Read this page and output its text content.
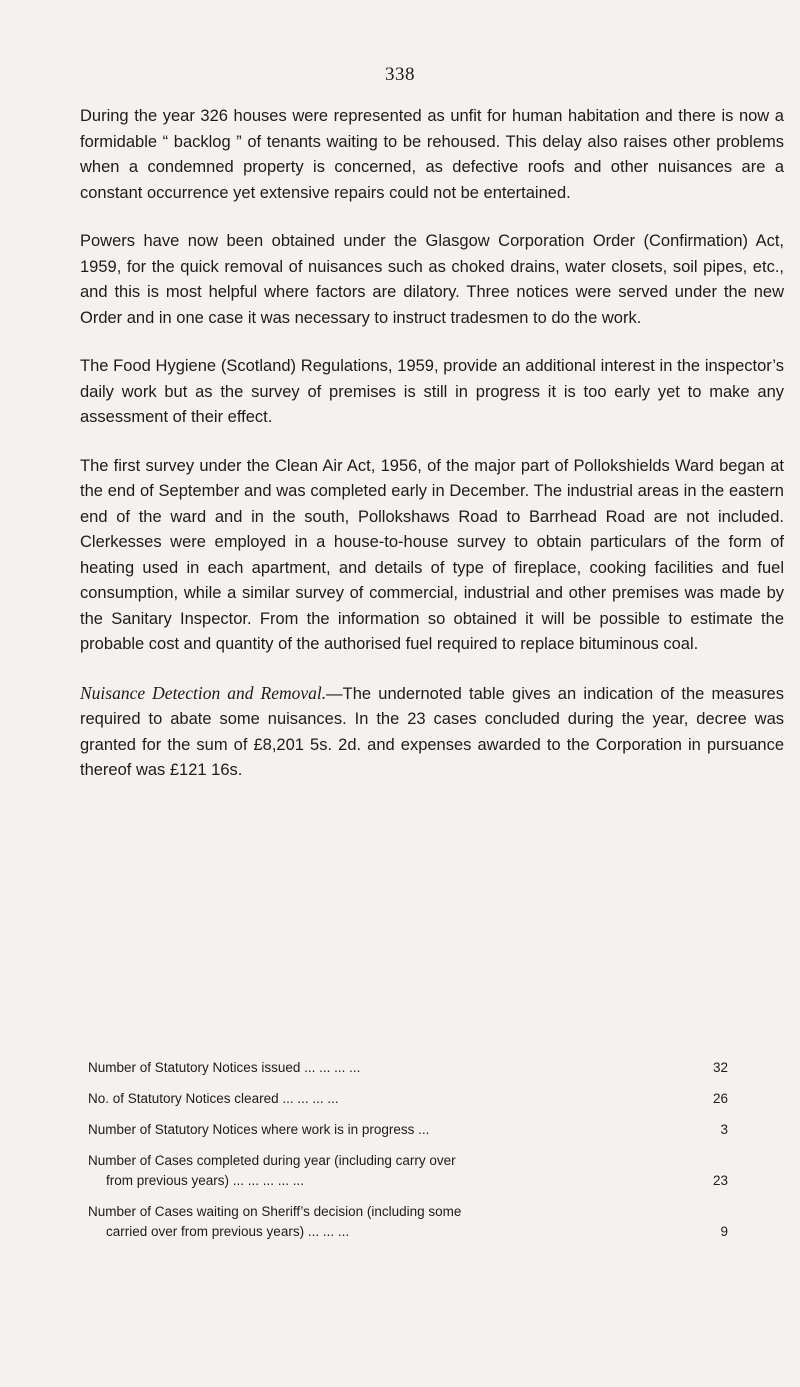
338

During the year 326 houses were represented as unfit for human habitation and there is now a formidable “ backlog ” of tenants waiting to be rehoused. This delay also raises other problems when a condemned property is concerned, as defective roofs and other nuisances are a constant occurrence yet extensive repairs could not be entertained.

Powers have now been obtained under the Glasgow Corporation Order (Confirmation) Act, 1959, for the quick removal of nuisances such as choked drains, water closets, soil pipes, etc., and this is most helpful where factors are dilatory. Three notices were served under the new Order and in one case it was necessary to instruct tradesmen to do the work.

The Food Hygiene (Scotland) Regulations, 1959, provide an additional interest in the inspector’s daily work but as the survey of premises is still in progress it is too early yet to make any assessment of their effect.

The first survey under the Clean Air Act, 1956, of the major part of Pollokshields Ward began at the end of September and was completed early in December. The industrial areas in the eastern end of the ward and in the south, Pollokshaws Road to Barrhead Road are not included. Clerkesses were employed in a house-to-house survey to obtain particulars of the form of heating used in each apartment, and details of type of fireplace, cooking facilities and fuel consumption, while a similar survey of commercial, industrial and other premises was made by the Sanitary Inspector. From the information so obtained it will be possible to estimate the probable cost and quantity of the authorised fuel required to replace bituminous coal.

Nuisance Detection and Removal.—The undernoted table gives an indication of the measures required to abate some nuisances. In the 23 cases concluded during the year, decree was granted for the sum of £8,201 5s. 2d. and expenses awarded to the Corporation in pursuance thereof was £121 16s.

Number of Statutory Notices issued ... ... ... ...	32
No. of Statutory Notices cleared ... ... ... ...	26
Number of Statutory Notices where work is in progress ...	3
Number of Cases completed during year (including carry over
from previous years) ... ... ... ... ...	23
Number of Cases waiting on Sheriff’s decision (including some
carried over from previous years) ... ... ...	9
